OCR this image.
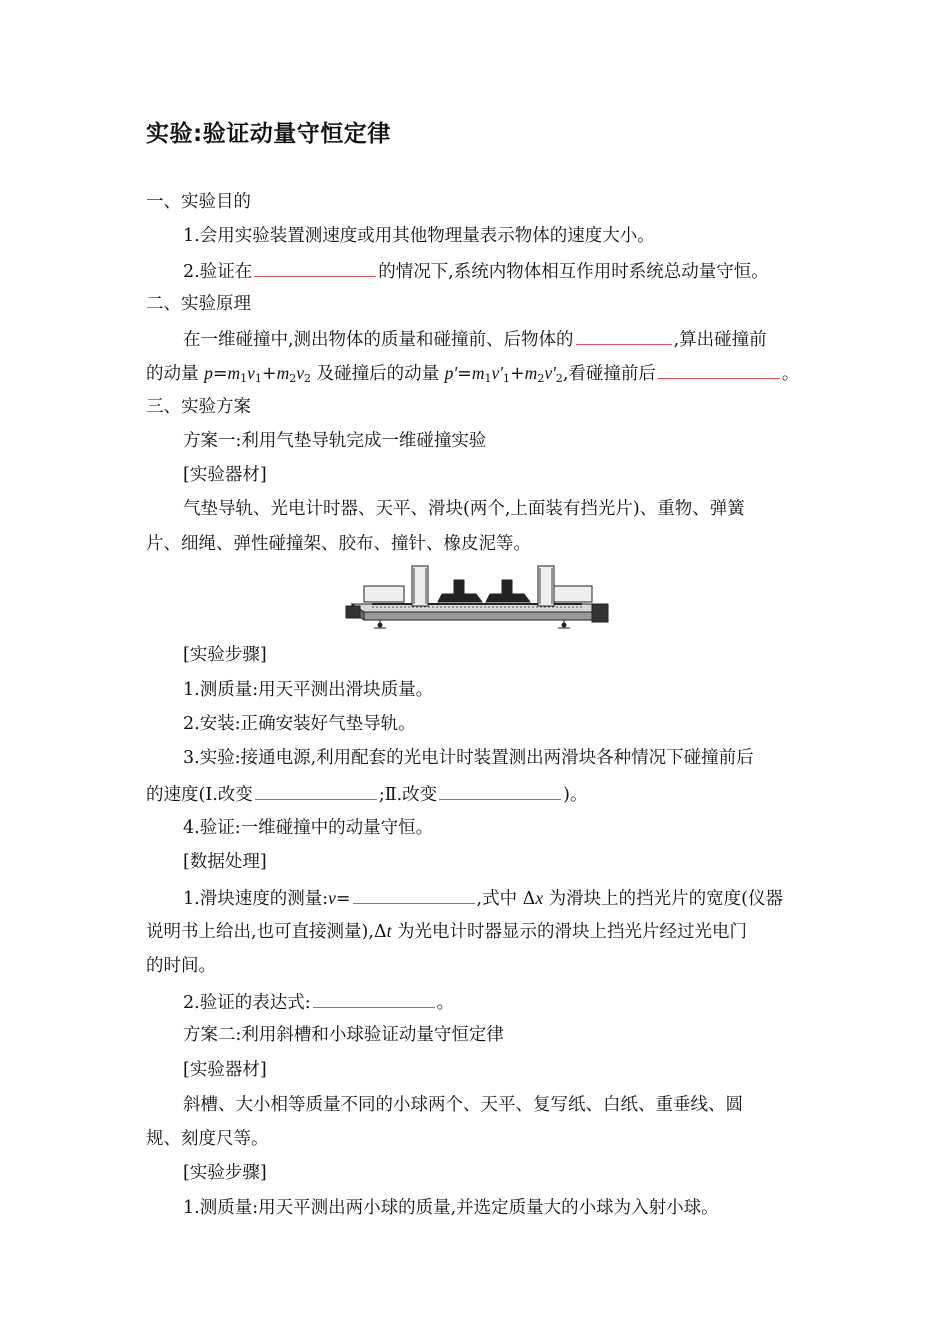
实验:验证动量守恒定律
一、实验目的
1.会用实验装置测速度或用其他物理量表示物体的速度大小。
2.验证在	的情况下,系统内物体相互作用时系统总动量守恒。
二、实验原理
在一维碰撞中,测出物体的质量和碰撞前、后物体的	,算出碰撞前
的动量 $p=m_1v_1+m_2v_2$ 及碰撞后的动量 $p'=m_1v'_1+m_2v'_2$,看碰撞前后	。
三、实验方案
方案一:利用气垫导轨完成一维碰撞实验
[实验器材]
气垫导轨、光电计时器、天平、滑块(两个,上面装有挡光片)、重物、弹簧
片、细绳、弹性碰撞架、胶布、撞针、橡皮泥等。
[实验步骤]
1.测质量:用天平测出滑块质量。
2.安装:正确安装好气垫导轨。
3.实验:接通电源,利用配套的光电计时装置测出两滑块各种情况下碰撞前后
的速度(Ⅰ.改变	;Ⅱ.改变	)。
4.验证:一维碰撞中的动量守恒。
[数据处理]
1.滑块速度的测量:v=	,式中 Δx 为滑块上的挡光片的宽度(仪器
说明书上给出,也可直接测量),Δt 为光电计时器显示的滑块上挡光片经过光电门
的时间。
2.验证的表达式:	。
方案二:利用斜槽和小球验证动量守恒定律
[实验器材]
斜槽、大小相等质量不同的小球两个、天平、复写纸、白纸、重垂线、圆
规、刻度尺等。
[实验步骤]
1.测质量:用天平测出两小球的质量,并选定质量大的小球为入射小球。
